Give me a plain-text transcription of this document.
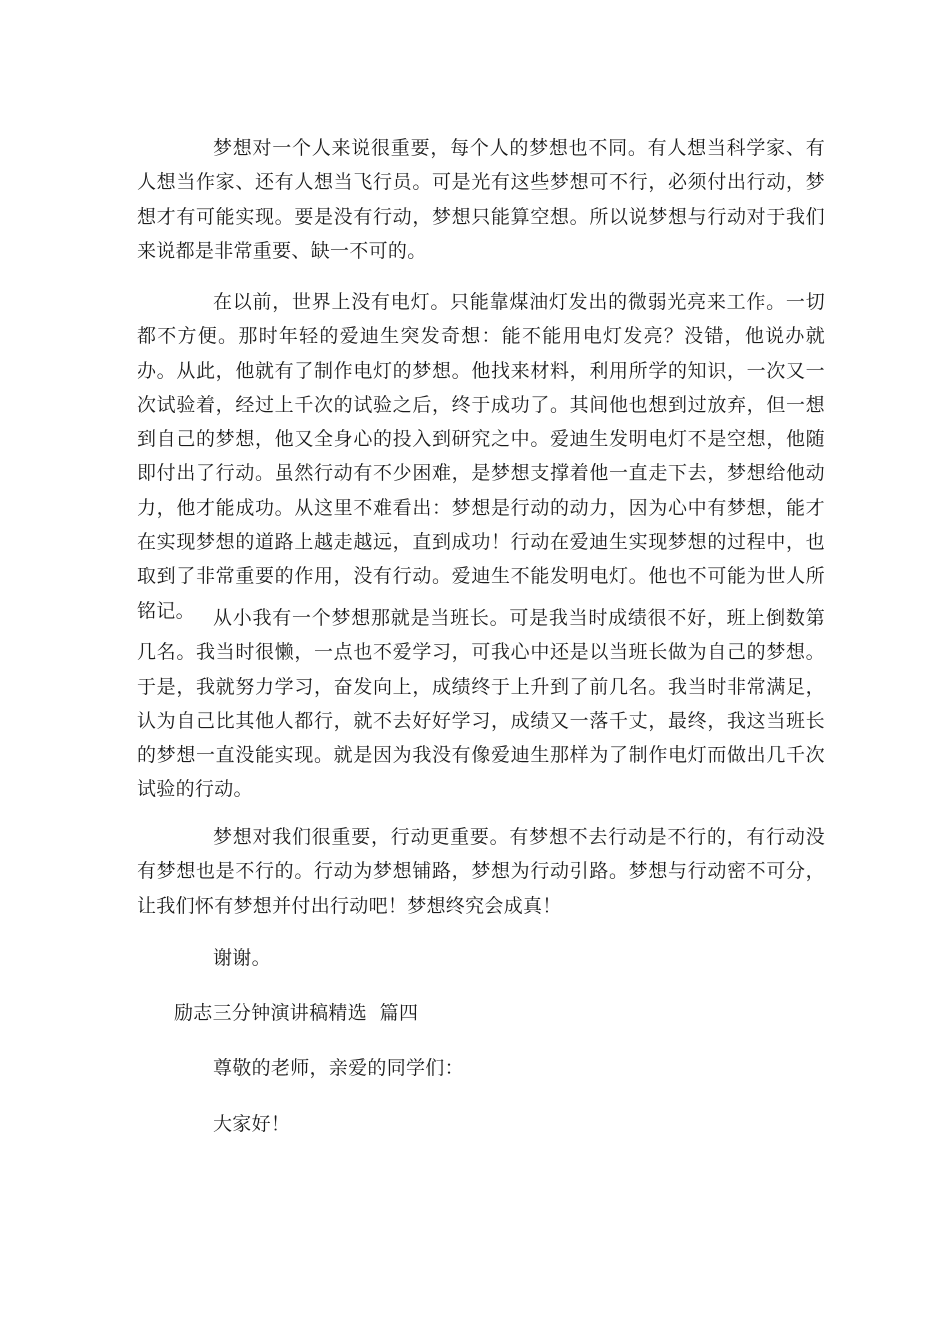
梦想对一个人来说很重要，每个人的梦想也不同。有人想当科学家、有人想当作家、还有人想当飞行员。可是光有这些梦想可不行，必须付出行动，梦想才有可能实现。要是没有行动，梦想只能算空想。所以说梦想与行动对于我们来说都是非常重要、缺一不可的。

在以前，世界上没有电灯。只能靠煤油灯发出的微弱光亮来工作。一切都不方便。那时年轻的爱迪生突发奇想：能不能用电灯发亮？没错，他说办就办。从此，他就有了制作电灯的梦想。他找来材料，利用所学的知识，一次又一次试验着，经过上千次的试验之后，终于成功了。其间他也想到过放弃，但一想到自己的梦想，他又全身心的投入到研究之中。爱迪生发明电灯不是空想，他随即付出了行动。虽然行动有不少困难，是梦想支撑着他一直走下去，梦想给他动力，他才能成功。从这里不难看出：梦想是行动的动力，因为心中有梦想，能才在实现梦想的道路上越走越远，直到成功！行动在爱迪生实现梦想的过程中，也取到了非常重要的作用，没有行动。爱迪生不能发明电灯。他也不可能为世人所铭记。 从小我有一个梦想那就是当班长。可是我当时成绩很不好，班上倒数第几名。我当时很懒，一点也不爱学习，可我心中还是以当班长做为自己的梦想。于是，我就努力学习，奋发向上，成绩终于上升到了前几名。我当时非常满足，认为自己比其他人都行，就不去好好学习，成绩又一落千丈，最终，我这当班长的梦想一直没能实现。就是因为我没有像爱迪生那样为了制作电灯而做出几千次试验的行动。

梦想对我们很重要，行动更重要。有梦想不去行动是不行的，有行动没有梦想也是不行的。行动为梦想铺路，梦想为行动引路。梦想与行动密不可分，让我们怀有梦想并付出行动吧！梦想终究会成真！

谢谢。

励志三分钟演讲稿精选  篇四

尊敬的老师，亲爱的同学们：

大家好！
